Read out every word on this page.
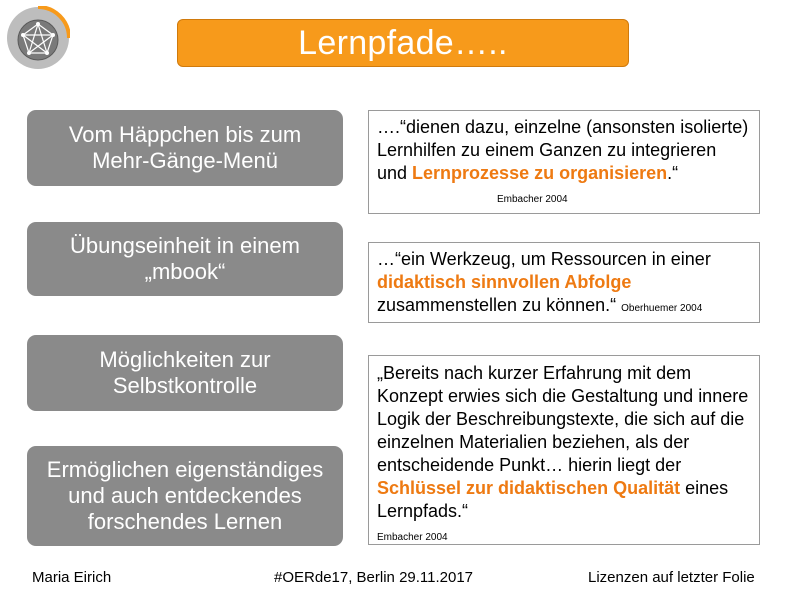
Lernpfade…..
Vom Häppchen bis zum
Mehr-Gänge-Menü
Übungseinheit in einem
„mbook“
Möglichkeiten zur
Selbstkontrolle
Ermöglichen eigenständiges
und auch entdeckendes
forschendes Lernen
….“dienen dazu, einzelne (ansonsten isolierte) Lernhilfen zu einem Ganzen zu integrieren und Lernprozesse zu organisieren.“Embacher 2004
…“ein Werkzeug, um Ressourcen in einer didaktisch sinnvollen Abfolge zusammenstellen zu können.“ Oberhuemer 2004
„Bereits nach kurzer Erfahrung mit dem Konzept erwies sich die Gestaltung und innere Logik der Beschreibungstexte, die sich auf die einzelnen Materialien beziehen, als der entscheidende Punkt… hierin liegt der Schlüssel zur didaktischen Qualität eines Lernpfads.“
Embacher 2004
Maria Eirich	#OERde17, Berlin 29.11.2017	Lizenzen auf letzter Folie
